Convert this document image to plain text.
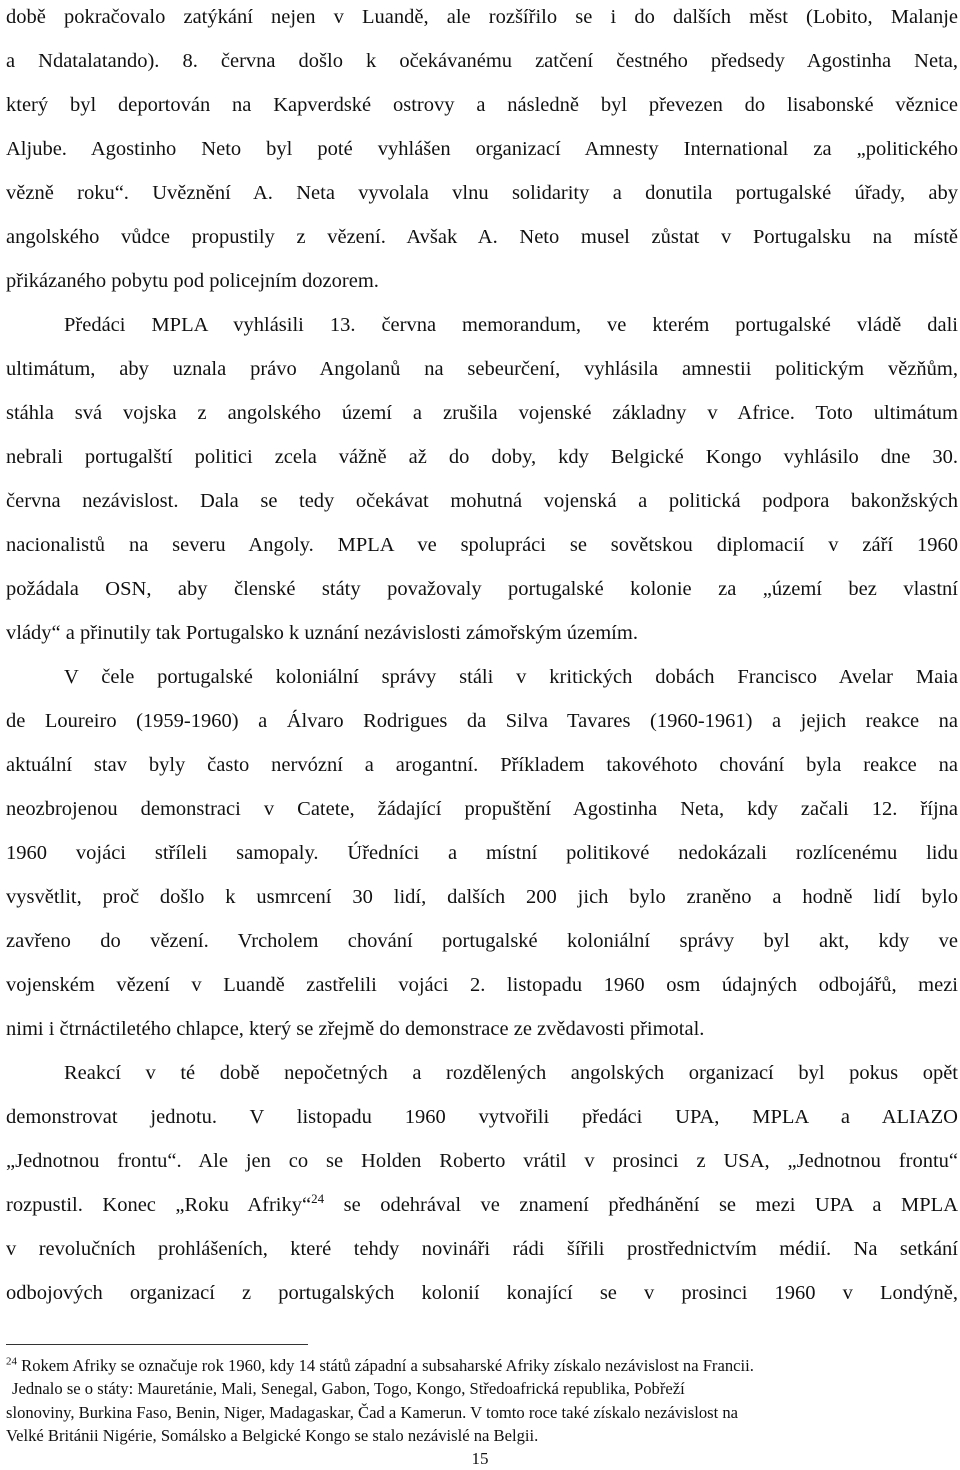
době pokračovalo zatýkání nejen v Luandě, ale rozšířilo se i do dalších měst (Lobito, Malanje
a Ndatalatando). 8. června došlo k očekávanému zatčení čestného předsedy Agostinha Neta,
který byl deportován na Kapverdské ostrovy a následně byl převezen do lisabonské věznice
Aljube. Agostinho Neto byl poté vyhlášen organizací Amnesty International za „politického
vězně roku“. Uvěznění A. Neta vyvolala vlnu solidarity a donutila portugalské úřady, aby
angolského vůdce propustily z vězení. Avšak A. Neto musel zůstat v Portugalsku na místě
přikázaného pobytu pod policejním dozorem.
Předáci MPLA vyhlásili 13. června memorandum, ve kterém portugalské vládě dali
ultimátum, aby uznala právo Angolanů na sebeurčení, vyhlásila amnestii politickým vězňům,
stáhla svá vojska z angolského území a zrušila vojenské základny v Africe. Toto ultimátum
nebrali portugalští politici zcela vážně až do doby, kdy Belgické Kongo vyhlásilo dne 30.
června nezávislost. Dala se tedy očekávat mohutná vojenská a politická podpora bakonžských
nacionalistů na severu Angoly. MPLA ve spolupráci se sovětskou diplomacií v září 1960
požádala OSN, aby členské státy považovaly portugalské kolonie za „území bez vlastní
vlády“ a přinutily tak Portugalsko k uznání nezávislosti zámořským územím.
V čele portugalské koloniální správy stáli v kritických dobách Francisco Avelar Maia
de Loureiro (1959-1960) a Álvaro Rodrigues da Silva Tavares (1960-1961) a jejich reakce na
aktuální stav byly často nervózní a arogantní. Příkladem takovéhoto chování byla reakce na
neozbrojenou demonstraci v Catete, žádající propuštění Agostinha Neta, kdy začali 12. října
1960 vojáci stříleli samopaly. Úředníci a místní politikové nedokázali rozlícenému lidu
vysvětlit, proč došlo k usmrcení 30 lidí, dalších 200 jich bylo zraněno a hodně lidí bylo
zavřeno do vězení. Vrcholem chování portugalské koloniální správy byl akt, kdy ve
vojenském vězení v Luandě zastřelili vojáci 2. listopadu 1960 osm údajných odbojářů, mezi
nimi i čtrnáctiletého chlapce, který se zřejmě do demonstrace ze zvědavosti přimotal.
Reakcí v té době nepočetných a rozdělených angolských organizací byl pokus opět
demonstrovat jednotu. V listopadu 1960 vytvořili předáci UPA, MPLA a ALIAZO
„Jednotnou frontu“. Ale jen co se Holden Roberto vrátil v prosinci z USA, „Jednotnou frontu“
rozpustil. Konec „Roku Afriky“$^{24}$ se odehrával ve znamení předhánění se mezi UPA a MPLA
v revolučních prohlášeních, které tehdy novináři rádi šířili prostřednictvím médií. Na setkání
odbojových organizací z portugalských kolonií konající se v prosinci 1960 v Londýně,
$^{24}$ Rokem Afriky se označuje rok 1960, kdy 14 států západní a subsaharské Afriky získalo nezávislost na Francii.
Jednalo se o státy: Mauretánie, Mali, Senegal, Gabon, Togo, Kongo, Středoafrická republika, Pobřeží
slonoviny, Burkina Faso, Benin, Niger, Madagaskar, Čad a Kamerun. V tomto roce také získalo nezávislost na
Velké Británii Nigérie, Somálsko a Belgické Kongo se stalo nezávislé na Belgii.
15
